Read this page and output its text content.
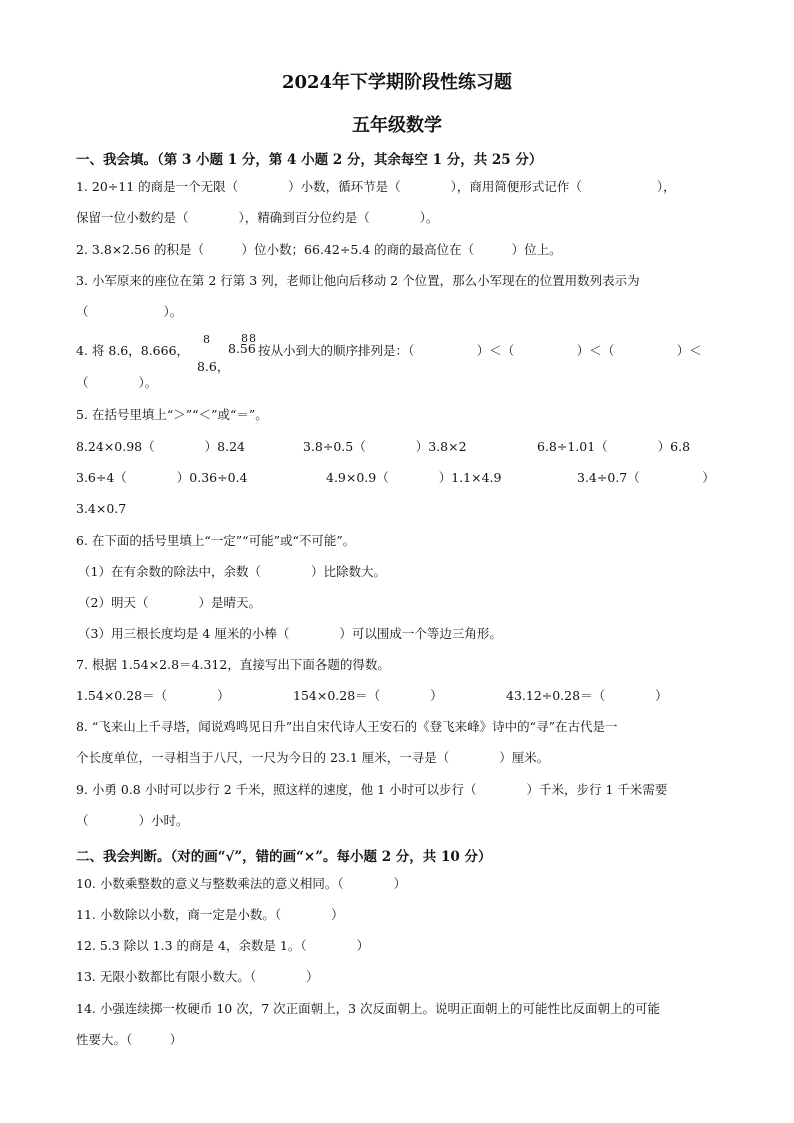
2024年下学期阶段性练习题
五年级数学
一、我会填。（第 3 小题 1 分，第 4 小题 2 分，其余每空 1 分，共 25 分）
1. 20÷11 的商是一个无限（　　　　）小数，循环节是（　　　　），商用简便形式记作（　　　　　　），
保留一位小数约是（　　　　），精确到百分位约是（　　　　）。
2. 3.8×2.56 的积是（　　　）位小数；66.42÷5.4 的商的最高位在（　　　）位上。
3. 小军原来的座位在第 2 行第 3 列，老师让他向后移动 2 个位置，那么小军现在的位置用数列表示为
（　　　　　　）。
4. 将 8.6，8.666，

8.6，

8
8.56
88
按从小到大的顺序排列是：（　　　　　）＜（　　　　　）＜（　　　　　）＜
（　　　　）。
5. 在括号里填上“＞”“＜”或“＝”。
8.24×0.98（　　　　）8.24	3.8÷0.5（　　　　）3.8×2	6.8÷1.01（　　　　）6.8
3.6÷4（　　　　）0.36÷0.4	4.9×0.9（　　　　）1.1×4.9	3.4÷0.7（　　　　　）
3.4×0.7
6. 在下面的括号里填上“一定”“可能”或“不可能”。
（1）在有余数的除法中，余数（　　　　）比除数大。
（2）明天（　　　　）是晴天。
（3）用三根长度均是 4 厘米的小棒（　　　　）可以围成一个等边三角形。
7. 根据 1.54×2.8＝4.312，直接写出下面各题的得数。
1.54×0.28＝（　　　　）	154×0.28＝（　　　　）	43.12÷0.28＝（　　　　）
8. “飞来山上千寻塔，闻说鸡鸣见日升”出自宋代诗人王安石的《登飞来峰》诗中的“寻”在古代是一
个长度单位，一寻相当于八尺，一尺为今日的 23.1 厘米，一寻是（　　　　）厘米。
9. 小勇 0.8 小时可以步行 2 千米，照这样的速度，他 1 小时可以步行（　　　　）千米，步行 1 千米需要
（　　　　）小时。
二、我会判断。（对的画“√”，错的画“×”。每小题 2 分，共 10 分）
10. 小数乘整数的意义与整数乘法的意义相同。（　　　　）
11. 小数除以小数，商一定是小数。（　　　　）
12. 5.3 除以 1.3 的商是 4，余数是 1。（　　　　）
13. 无限小数都比有限小数大。（　　　　）
14. 小强连续掷一枚硬币 10 次，7 次正面朝上，3 次反面朝上。说明正面朝上的可能性比反面朝上的可能
性要大。（　　　）
